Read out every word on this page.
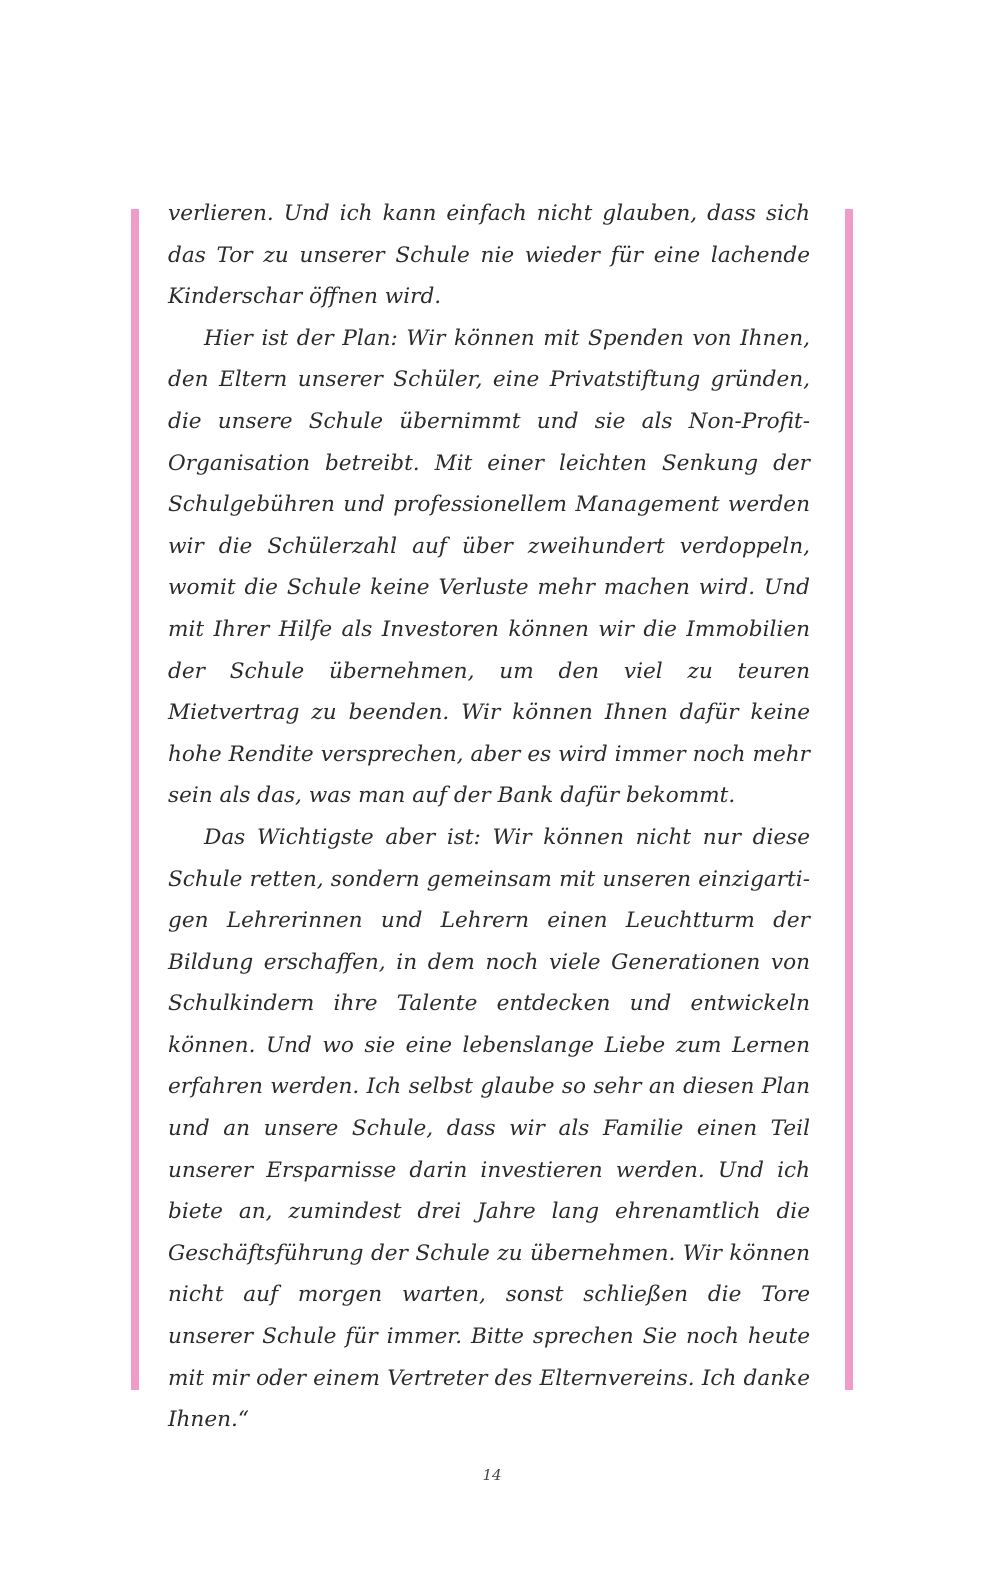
verlieren. Und ich kann einfach nicht glauben, dass sich das Tor zu unserer Schule nie wieder für eine lachende Kinderschar öffnen wird.

Hier ist der Plan: Wir können mit Spenden von Ihnen, den Eltern unserer Schüler, eine Privatstiftung gründen, die unsere Schule übernimmt und sie als Non-Profit-Organisation betreibt. Mit einer leichten Senkung der Schulgebühren und professionellem Management werden wir die Schülerzahl auf über zweihundert verdoppeln, womit die Schule keine Verluste mehr machen wird. Und mit Ihrer Hilfe als Investoren können wir die Immobilien der Schule übernehmen, um den viel zu teuren Mietvertrag zu beenden. Wir können Ihnen dafür keine hohe Rendite versprechen, aber es wird immer noch mehr sein als das, was man auf der Bank dafür bekommt.

Das Wichtigste aber ist: Wir können nicht nur diese Schule retten, sondern gemeinsam mit unseren einzigartigen Lehrerinnen und Lehrern einen Leuchtturm der Bildung erschaffen, in dem noch viele Generationen von Schulkindern ihre Talente entdecken und entwickeln können. Und wo sie eine lebenslange Liebe zum Lernen erfahren werden. Ich selbst glaube so sehr an diesen Plan und an unsere Schule, dass wir als Familie einen Teil unserer Ersparnisse darin investieren werden. Und ich biete an, zumindest drei Jahre lang ehrenamtlich die Geschäftsführung der Schule zu übernehmen. Wir können nicht auf morgen warten, sonst schließen die Tore unserer Schule für immer. Bitte sprechen Sie noch heute mit mir oder einem Vertreter des Elternvereins. Ich danke Ihnen.“

14
